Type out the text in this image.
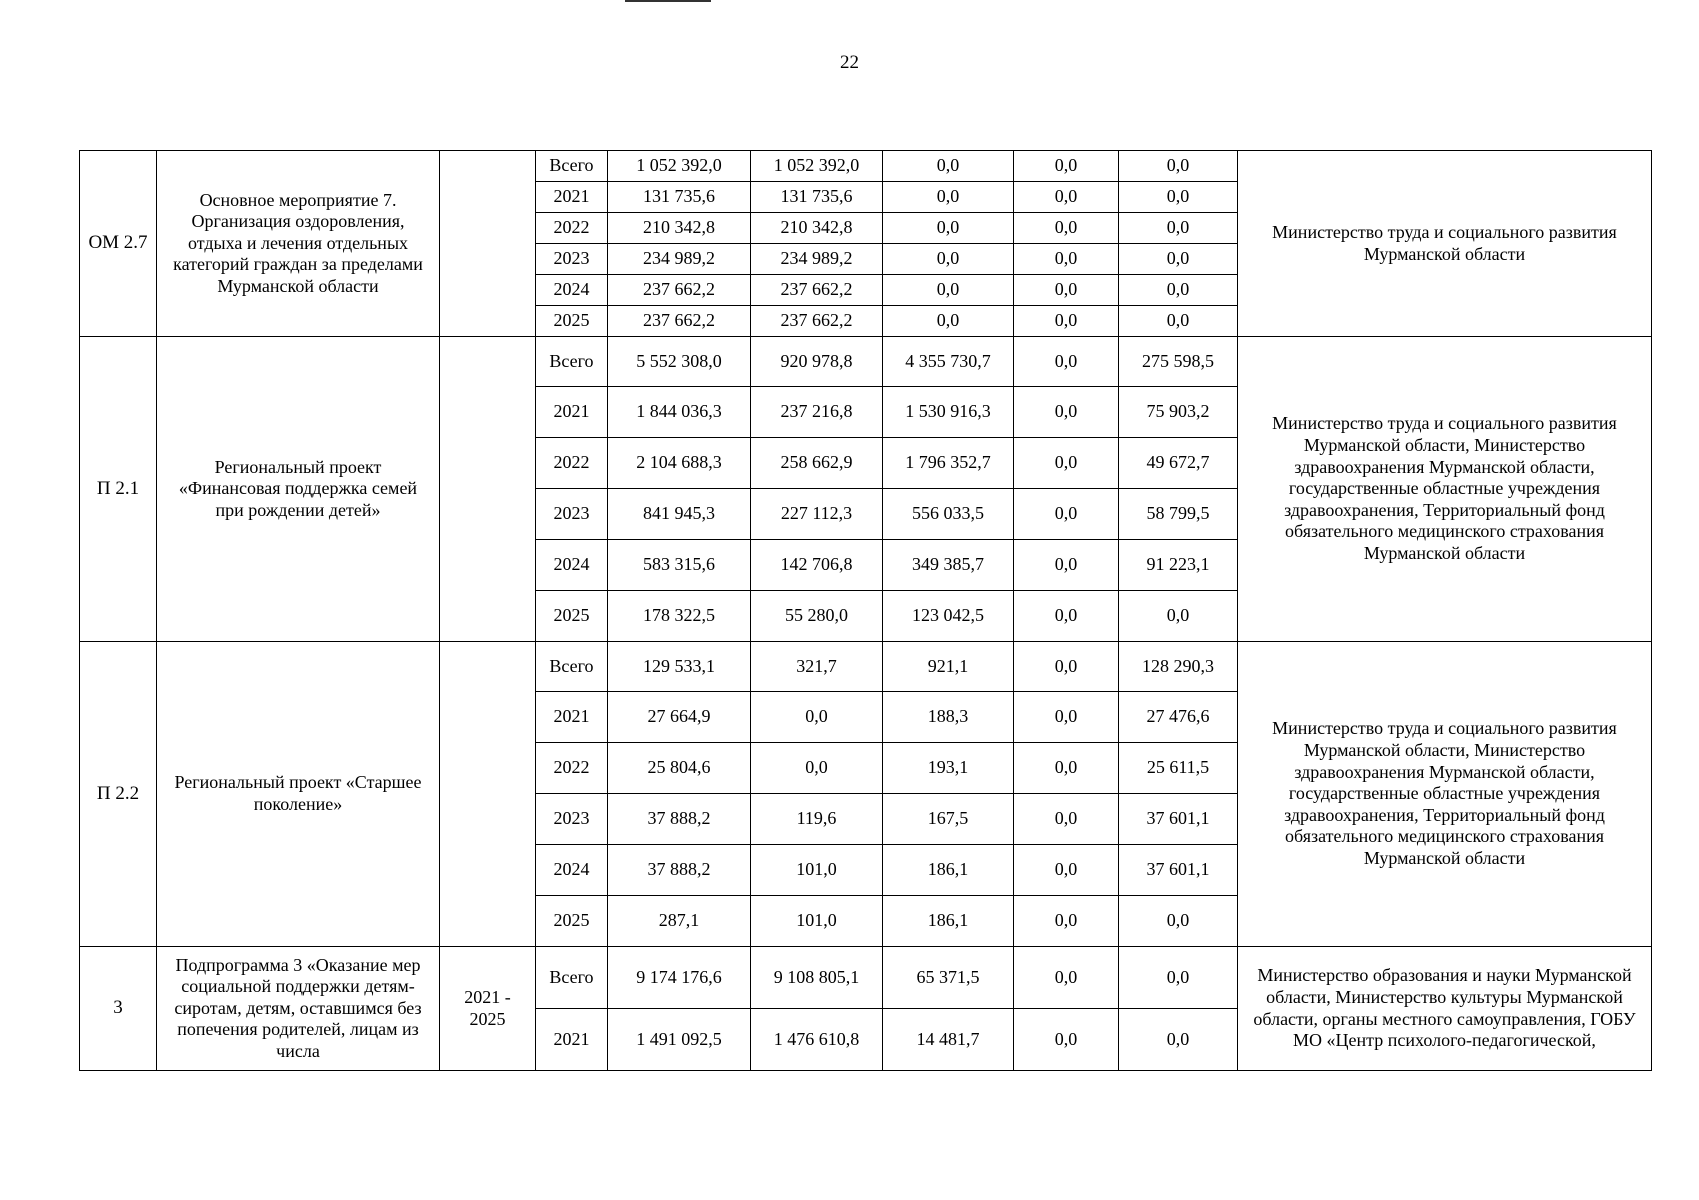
22
ОМ 2.7	Основное мероприятие 7. Организация оздоровления, отдыха и лечения отдельных категорий граждан за пределами Мурманской области		Всего	1 052 392,0	1 052 392,0	0,0	0,0	0,0	Министерство труда и социального развития Мурманской области
			2021	131 735,6	131 735,6	0,0	0,0	0,0	
			2022	210 342,8	210 342,8	0,0	0,0	0,0	
			2023	234 989,2	234 989,2	0,0	0,0	0,0	
			2024	237 662,2	237 662,2	0,0	0,0	0,0	
			2025	237 662,2	237 662,2	0,0	0,0	0,0	
П 2.1	Региональный проект «Финансовая поддержка семей при рождении детей»		Всего	5 552 308,0	920 978,8	4 355 730,7	0,0	275 598,5	Министерство труда и социального развития Мурманской области, Министерство здравоохранения Мурманской области, государственные областные учреждения здравоохранения, Территориальный фонд обязательного медицинского страхования Мурманской области
			2021	1 844 036,3	237 216,8	1 530 916,3	0,0	75 903,2	
			2022	2 104 688,3	258 662,9	1 796 352,7	0,0	49 672,7	
			2023	841 945,3	227 112,3	556 033,5	0,0	58 799,5	
			2024	583 315,6	142 706,8	349 385,7	0,0	91 223,1	
			2025	178 322,5	55 280,0	123 042,5	0,0	0,0	
П 2.2	Региональный проект «Старшее поколение»		Всего	129 533,1	321,7	921,1	0,0	128 290,3	Министерство труда и социального развития Мурманской области, Министерство здравоохранения Мурманской области, государственные областные учреждения здравоохранения, Территориальный фонд обязательного медицинского страхования Мурманской области
			2021	27 664,9	0,0	188,3	0,0	27 476,6	
			2022	25 804,6	0,0	193,1	0,0	25 611,5	
			2023	37 888,2	119,6	167,5	0,0	37 601,1	
			2024	37 888,2	101,0	186,1	0,0	37 601,1	
			2025	287,1	101,0	186,1	0,0	0,0	
3	Подпрограмма 3 «Оказание мер социальной поддержки детям-сиротам, детям, оставшимся без попечения родителей, лицам из числа	2021 - 2025	Всего	9 174 176,6	9 108 805,1	65 371,5	0,0	0,0	Министерство образования и науки Мурманской области, Министерство культуры Мурманской области, органы местного самоуправления, ГОБУ МО «Центр психолого-педагогической,
			2021	1 491 092,5	1 476 610,8	14 481,7	0,0	0,0	
